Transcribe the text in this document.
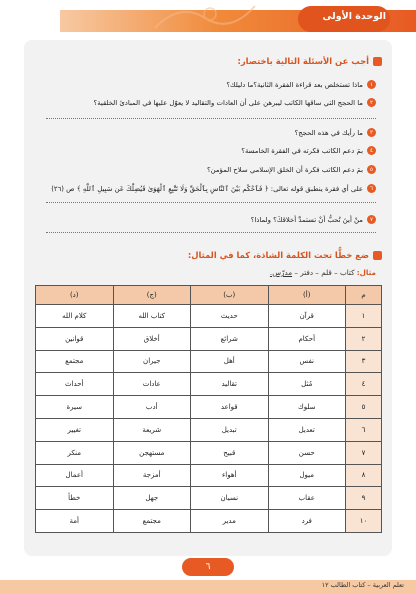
الوحدة الأولى
أجب عن الأسئلة التالية باختصار:
١
ماذا تستخلص بعد قراءة الفقرة الثانية؟ما دليلك؟
٢
ما الحجج التي ساقها الكاتب ليبرهن على أن العادات والتقاليد لا يعوّل عليها في المبادئ الخلقية؟
٣
ما رأيك في هذه الحجج؟
٤
بمَ دعم الكاتب فكرته في الفقرة الخامسة؟
٥
بمَ دعم الكاتب فكرة أن الخلق الإسلامي سلاح المؤمن؟
٦
على أي فقرة ينطبق قوله تعالى: ﴿ فَٱحْكُم بَيْنَ ٱلنَّاسِ بِٱلْحَقِّ وَلَا تَتَّبِعِ ٱلْهَوَىٰ فَيُضِلَّكَ عَن سَبِيلِ ٱللَّهِ ﴾ ص (٢٦)
٧
منْ أينَ تُحبُّ أنْ تستمدَّ أخلاقكَ؟ ولماذا؟
ضع خطًّا تحت الكلمة الشاذة، كما في المثال:
مثال: كتاب – قلم – دفتر – مدرّس.
م	(أ)	(ب)	(ج)	(د)
١	قرآن	حديث	كتاب الله	كلام الله
٢	أحكام	شرائع	أخلاق	قوانين
٣	نفس	أهل	جيران	مجتمع
٤	مُثل	تقاليد	عادات	أحداث
٥	سلوك	قواعد	أدب	سيرة
٦	تعديل	تبديل	شريعة	تغيير
٧	حسن	قبيح	مستهجن	منكر
٨	ميول	أهواء	أمزجة	أعمال
٩	عقاب	نسيان	جهل	خطأ
١٠	فرد	مدير	مجتمع	أمة
٦
تعلم العربية – كتاب الطالب ١٢
